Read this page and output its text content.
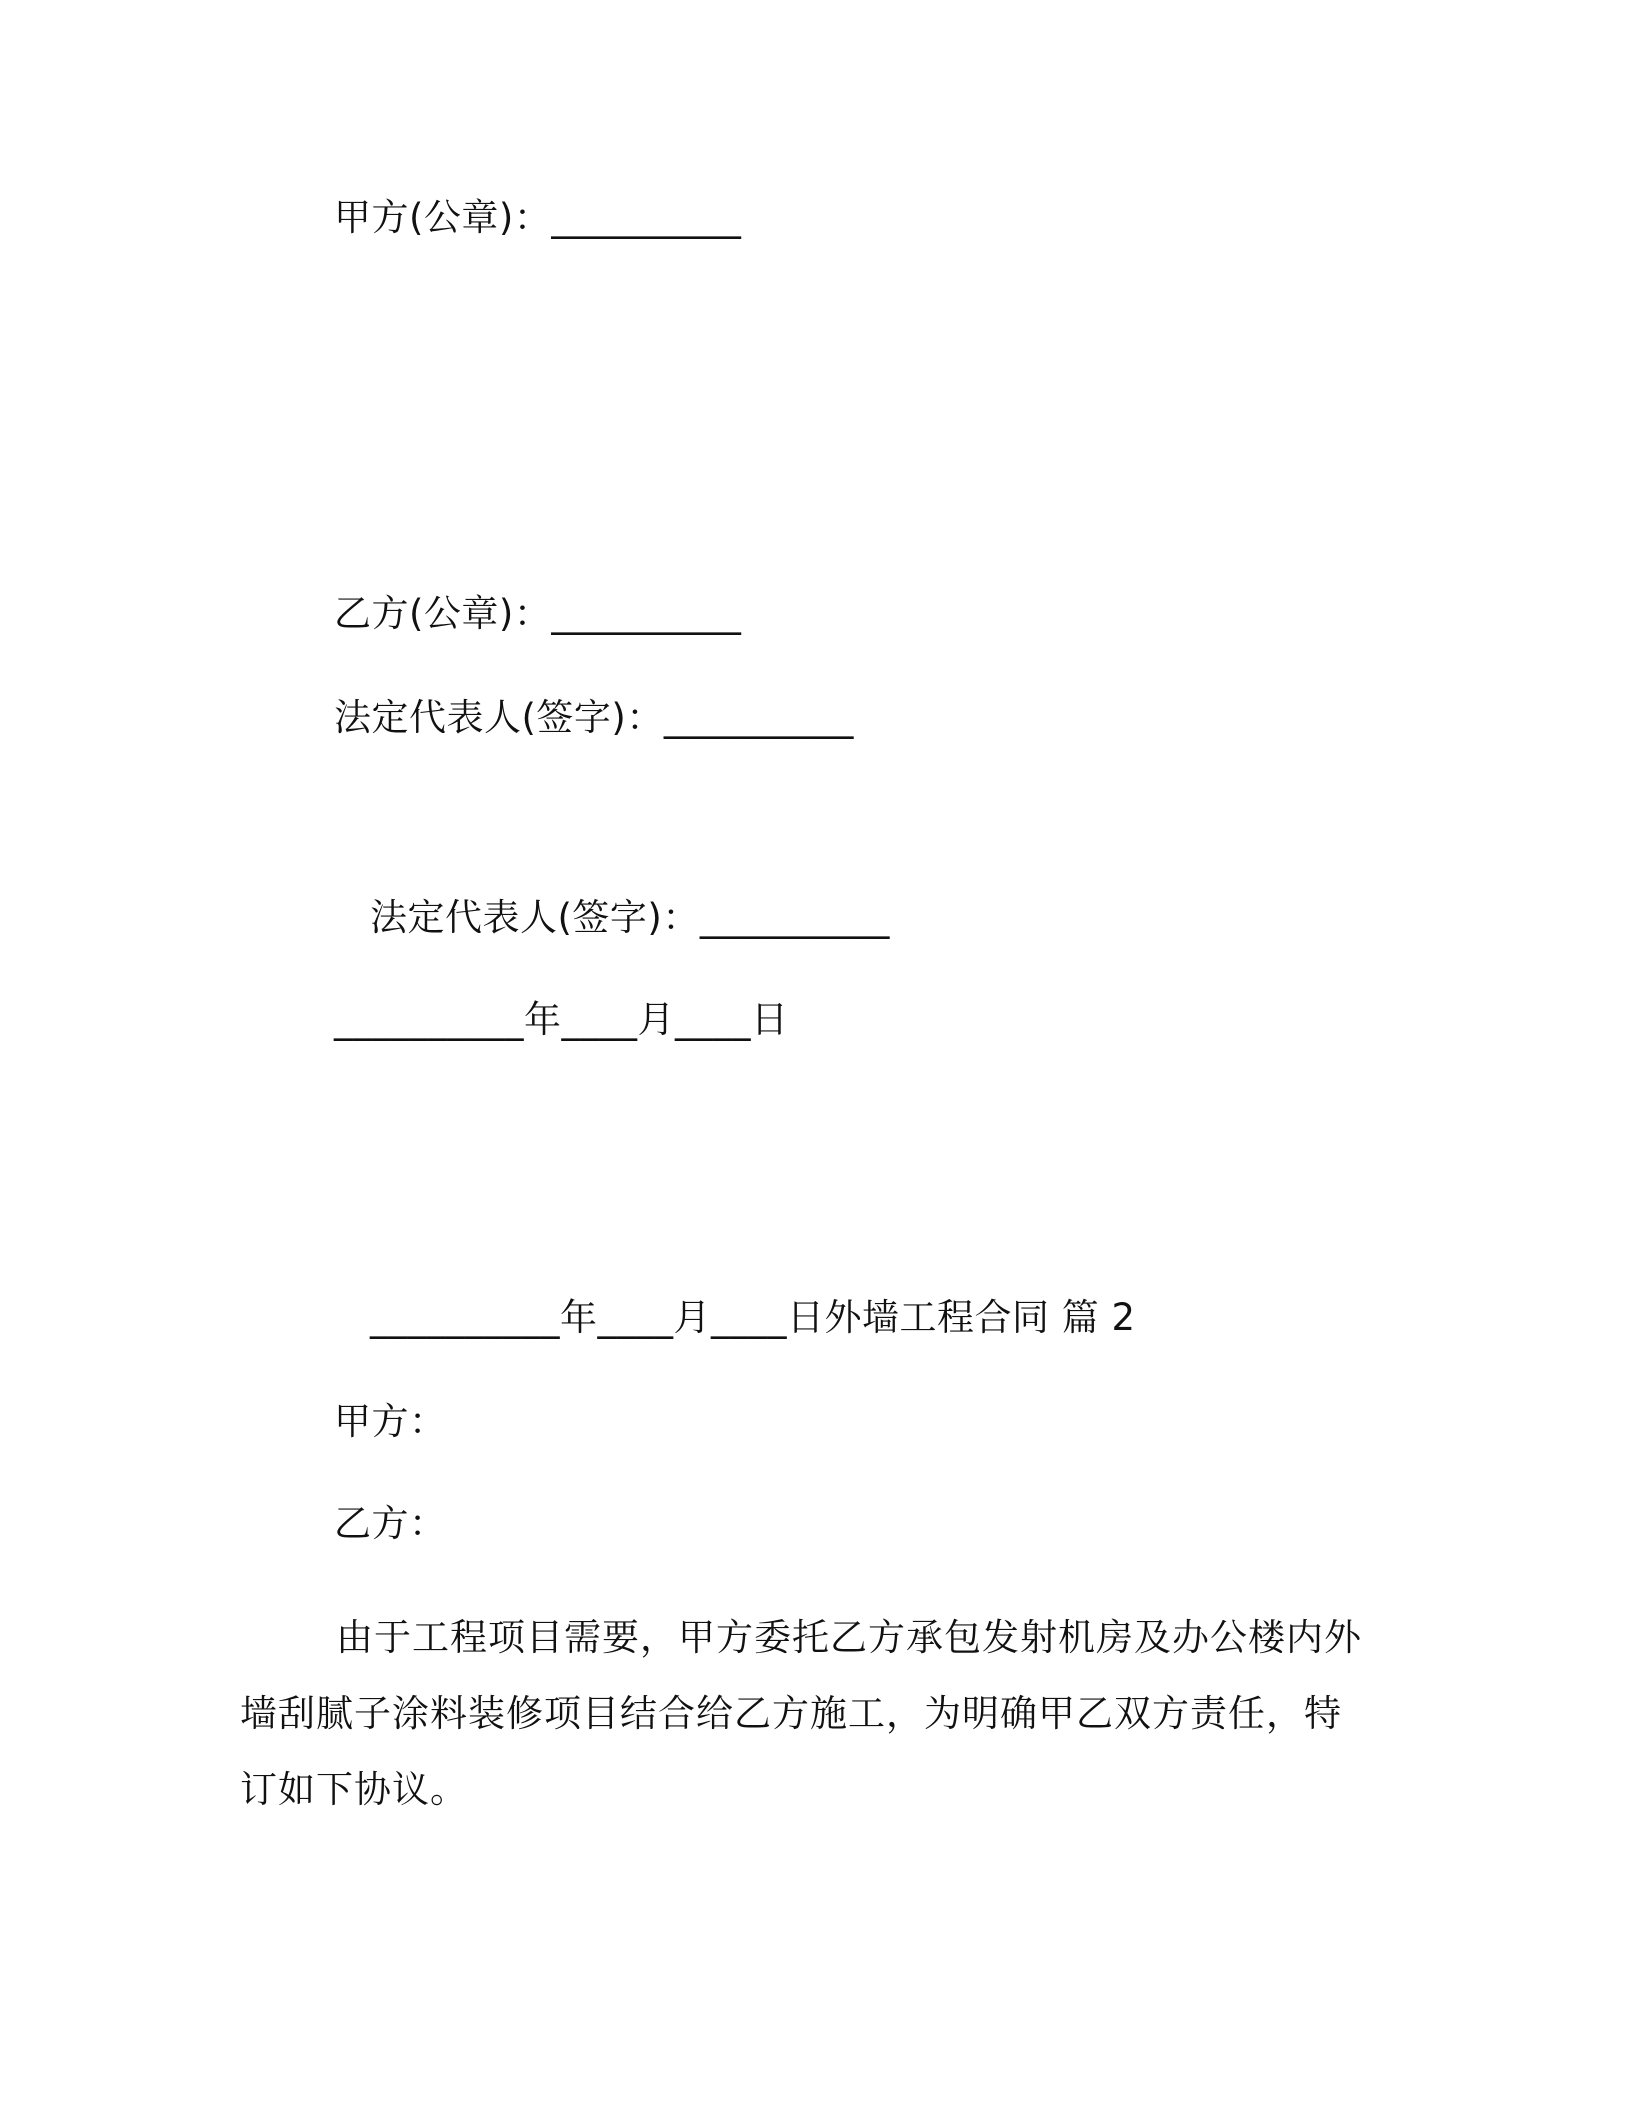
甲方(公章)：__________

乙方(公章)：__________

法定代表人(签字)：__________

法定代表人(签字)：__________

__________年____月____日

__________年____月____日外墙工程合同 篇 2

甲方：

乙方：

由于工程项目需要，甲方委托乙方承包发射机房及办公楼内外墙刮腻子涂料装修项目结合给乙方施工，为明确甲乙双方责任，特订如下协议。
